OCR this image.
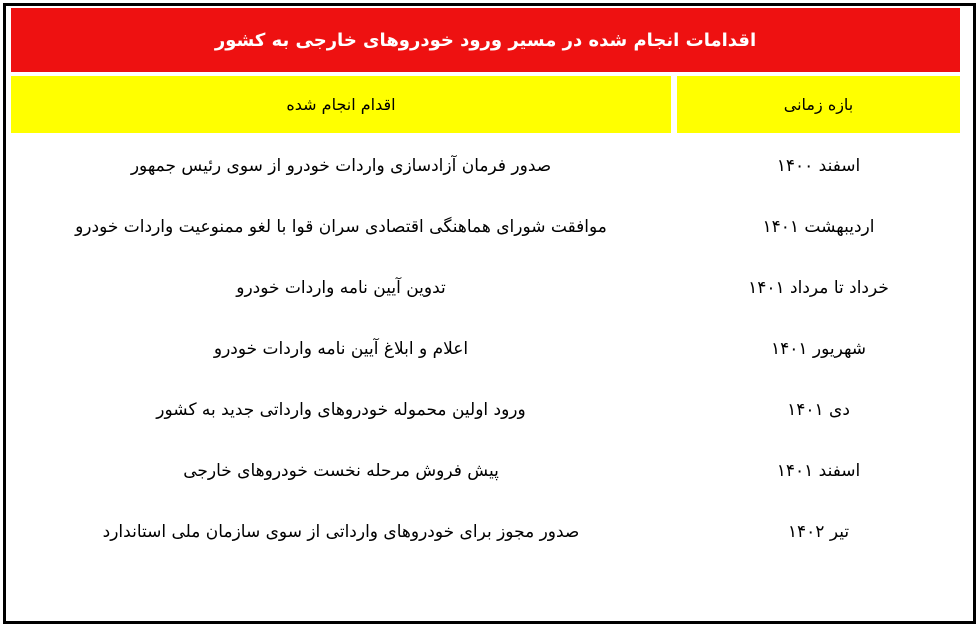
اقدامات انجام شده در مسیر ورود خودروهای خارجی به کشور
بازه زمانی
اقدام انجام شده
اسفند ۱۴۰۰
صدور فرمان آزادسازی واردات خودرو از سوی رئیس جمهور
اردیبهشت ۱۴۰۱
موافقت شورای هماهنگی اقتصادی سران قوا با لغو ممنوعیت واردات خودرو
خرداد تا مرداد ۱۴۰۱
تدوین آیین نامه واردات خودرو
شهریور ۱۴۰۱
اعلام و ابلاغ آیین نامه واردات خودرو
دی ۱۴۰۱
ورود اولین محموله خودروهای وارداتی جدید به کشور
اسفند ۱۴۰۱
پیش فروش مرحله نخست خودروهای خارجی
تیر ۱۴۰۲
صدور مجوز برای خودروهای وارداتی از سوی سازمان ملی استاندارد
